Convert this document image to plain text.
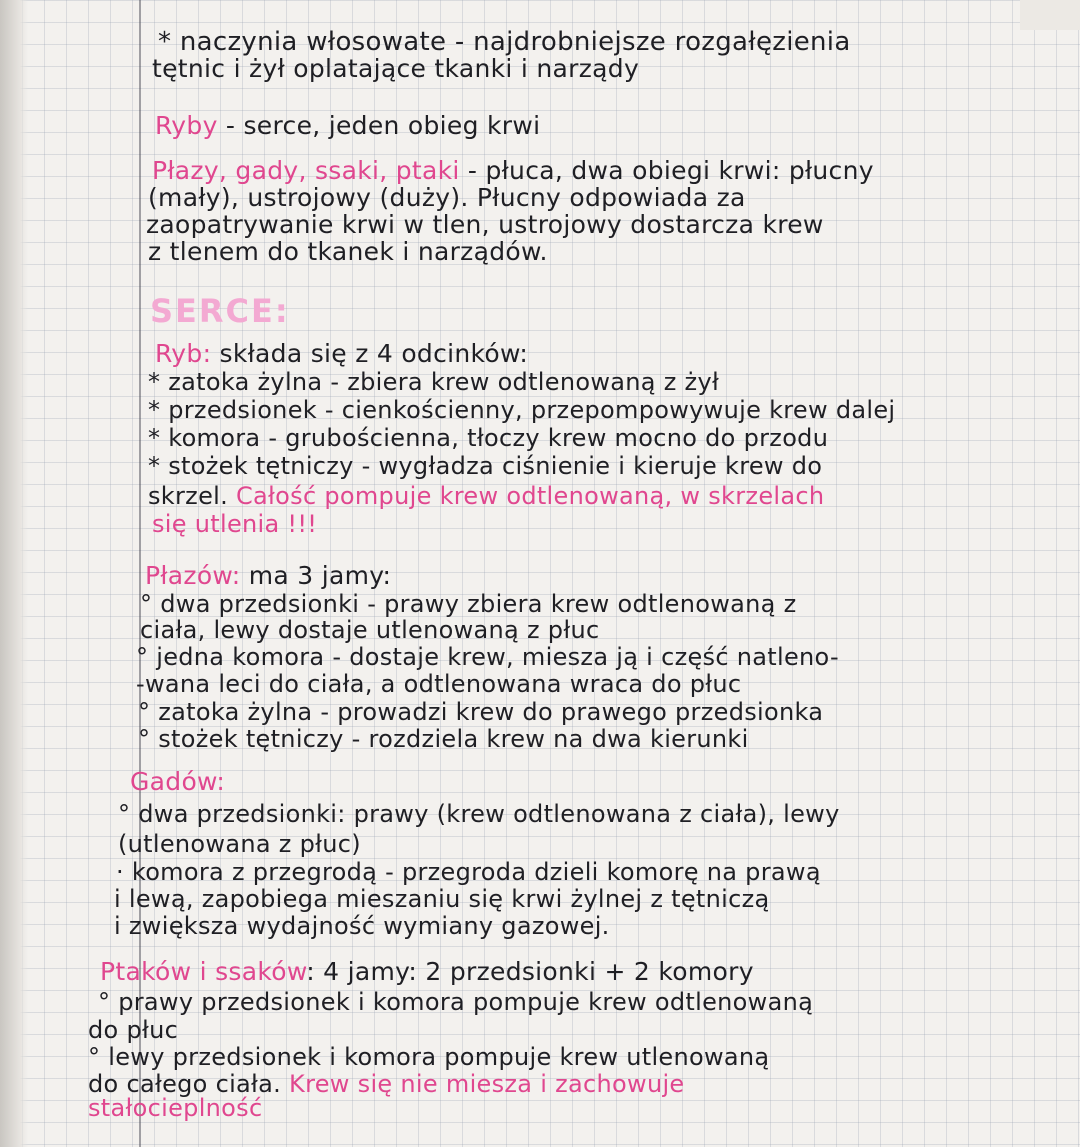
SERCE:
* naczynia włosowate - najdrobniejsze rozgałęzienia
tętnic i żył oplatające tkanki i narządy
Ryby - serce, jeden obieg krwi
Płazy, gady, ssaki, ptaki - płuca, dwa obiegi krwi: płucny
(mały), ustrojowy (duży). Płucny odpowiada za
zaopatrywanie krwi w tlen, ustrojowy dostarcza krew
z tlenem do tkanek i narządów.
Ryb: składa się z 4 odcinków:
* zatoka żylna - zbiera krew odtlenowaną z żył
* przedsionek - cienkościenny, przepompowywuje krew dalej
* komora - grubościenna, tłoczy krew mocno do przodu
* stożek tętniczy - wygładza ciśnienie i kieruje krew do
skrzel. Całość pompuje krew odtlenowaną, w skrzelach
się utlenia !!!
Płazów: ma 3 jamy:
° dwa przedsionki - prawy zbiera krew odtlenowaną z
ciała, lewy dostaje utlenowaną z płuc
° jedna komora - dostaje krew, miesza ją i część natleno-
-wana leci do ciała, a odtlenowana wraca do płuc
° zatoka żylna - prowadzi krew do prawego przedsionka
° stożek tętniczy - rozdziela krew na dwa kierunki
Gadów:
° dwa przedsionki: prawy (krew odtlenowana z ciała), lewy
(utlenowana z płuc)
· komora z przegrodą - przegroda dzieli komorę na prawą
i lewą, zapobiega mieszaniu się krwi żylnej z tętniczą
i zwiększa wydajność wymiany gazowej.
Ptaków i ssaków: 4 jamy: 2 przedsionki + 2 komory
° prawy przedsionek i komora pompuje krew odtlenowaną
do płuc
° lewy przedsionek i komora pompuje krew utlenowaną
do całego ciała. Krew się nie miesza i zachowuje
stałocieplność
